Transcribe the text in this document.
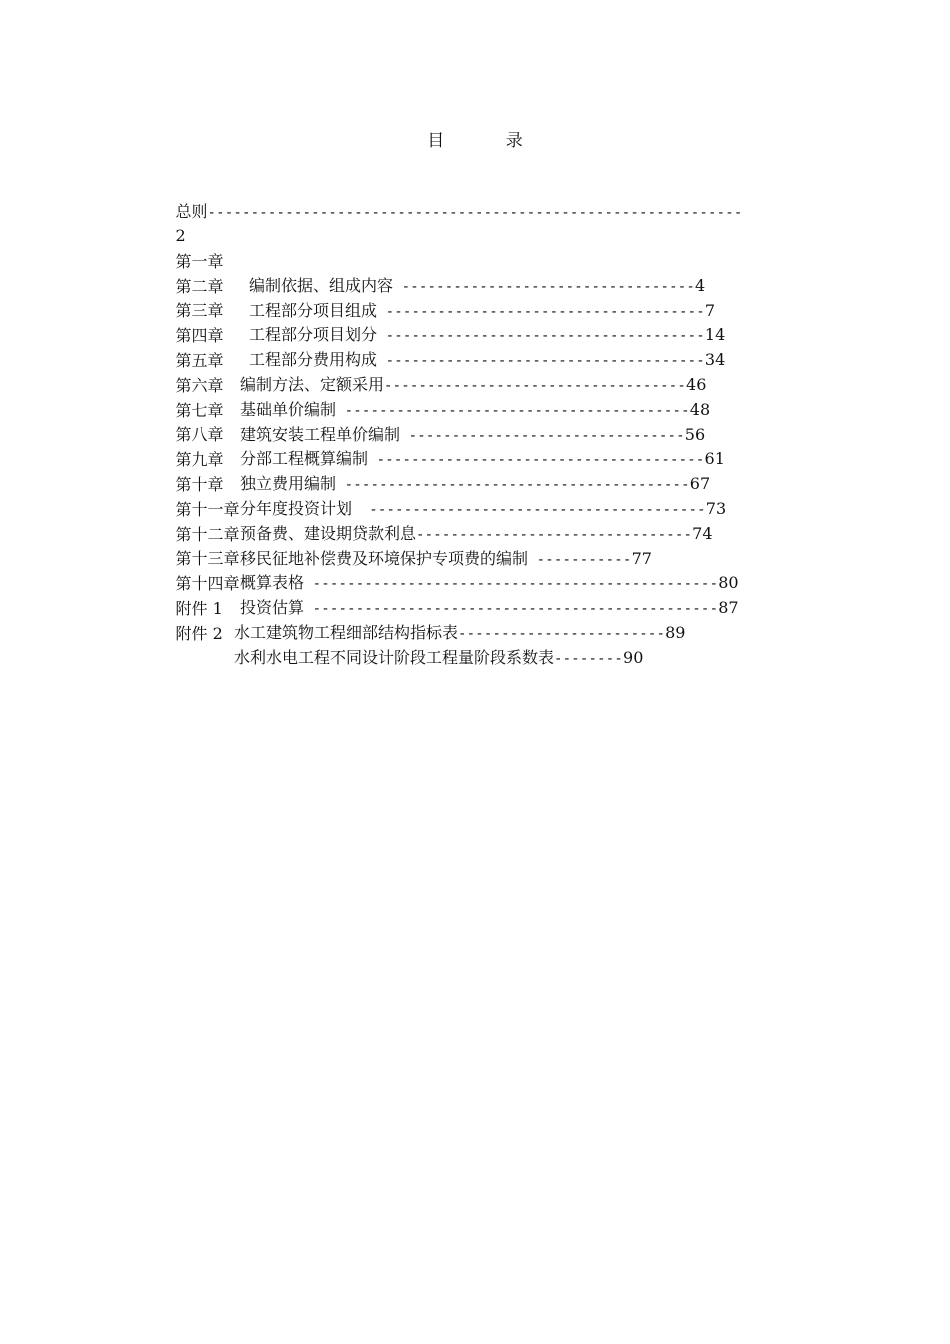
目 录

总则--------------------------------------------------------------

2

第一章

编制依据、组成内容 ----------------------------------4

第二章

工程部分项目组成 -------------------------------------7

第三章

工程部分项目划分 -------------------------------------14

第四章

工程部分费用构成 -------------------------------------34

第五章

编制方法、定额采用-----------------------------------46

第六章

基础单价编制 ----------------------------------------48

第七章

建筑安装工程单价编制 --------------------------------56

第八章

分部工程概算编制 --------------------------------------61

第九章

独立费用编制 ----------------------------------------67

第十章

分年度投资计划  ---------------------------------------73

第十一章

预备费、建设期贷款利息--------------------------------74

第十二章

移民征地补偿费及环境保护专项费的编制 -----------77

第十三章

概算表格 -----------------------------------------------80

第十四章

投资估算 -----------------------------------------------87

附件 1

水工建筑物工程细部结构指标表------------------------89

附件 2

水利水电工程不同设计阶段工程量阶段系数表--------90
